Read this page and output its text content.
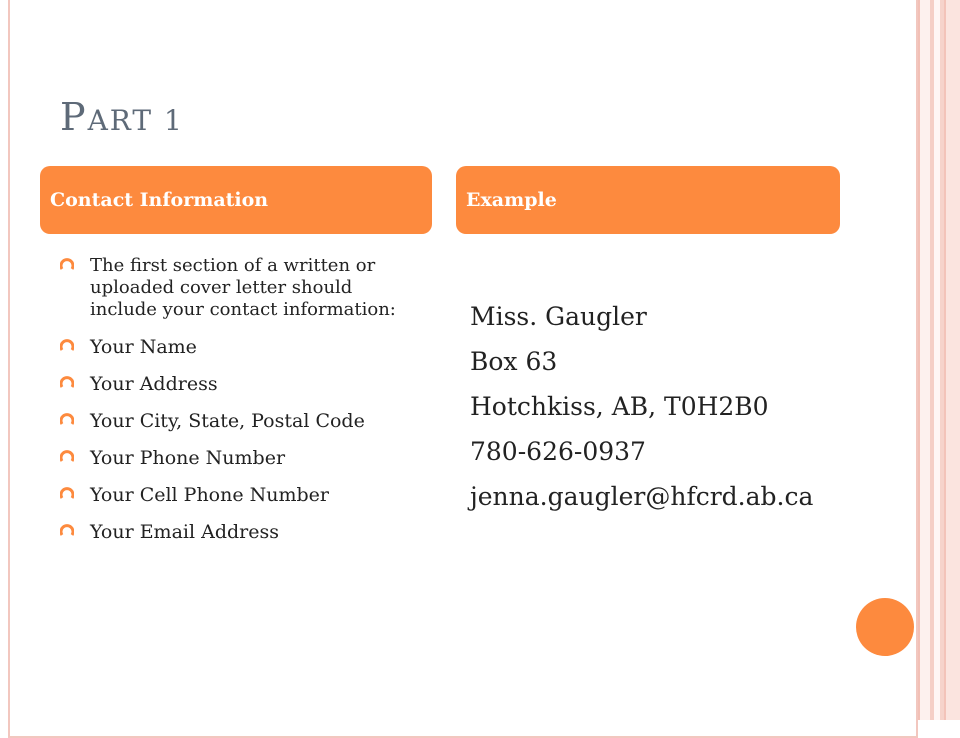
PART 1
Contact Information	Example
The first section of a written or uploaded cover letter should include your contact information:
Your Name
Your Address
Your City, State, Postal Code
Your Phone Number
Your Cell Phone Number
Your Email Address

Miss. Gaugler

Box 63

Hotchkiss, AB, T0H2B0

780-626-0937

jenna.gaugler@hfcrd.ab.ca
